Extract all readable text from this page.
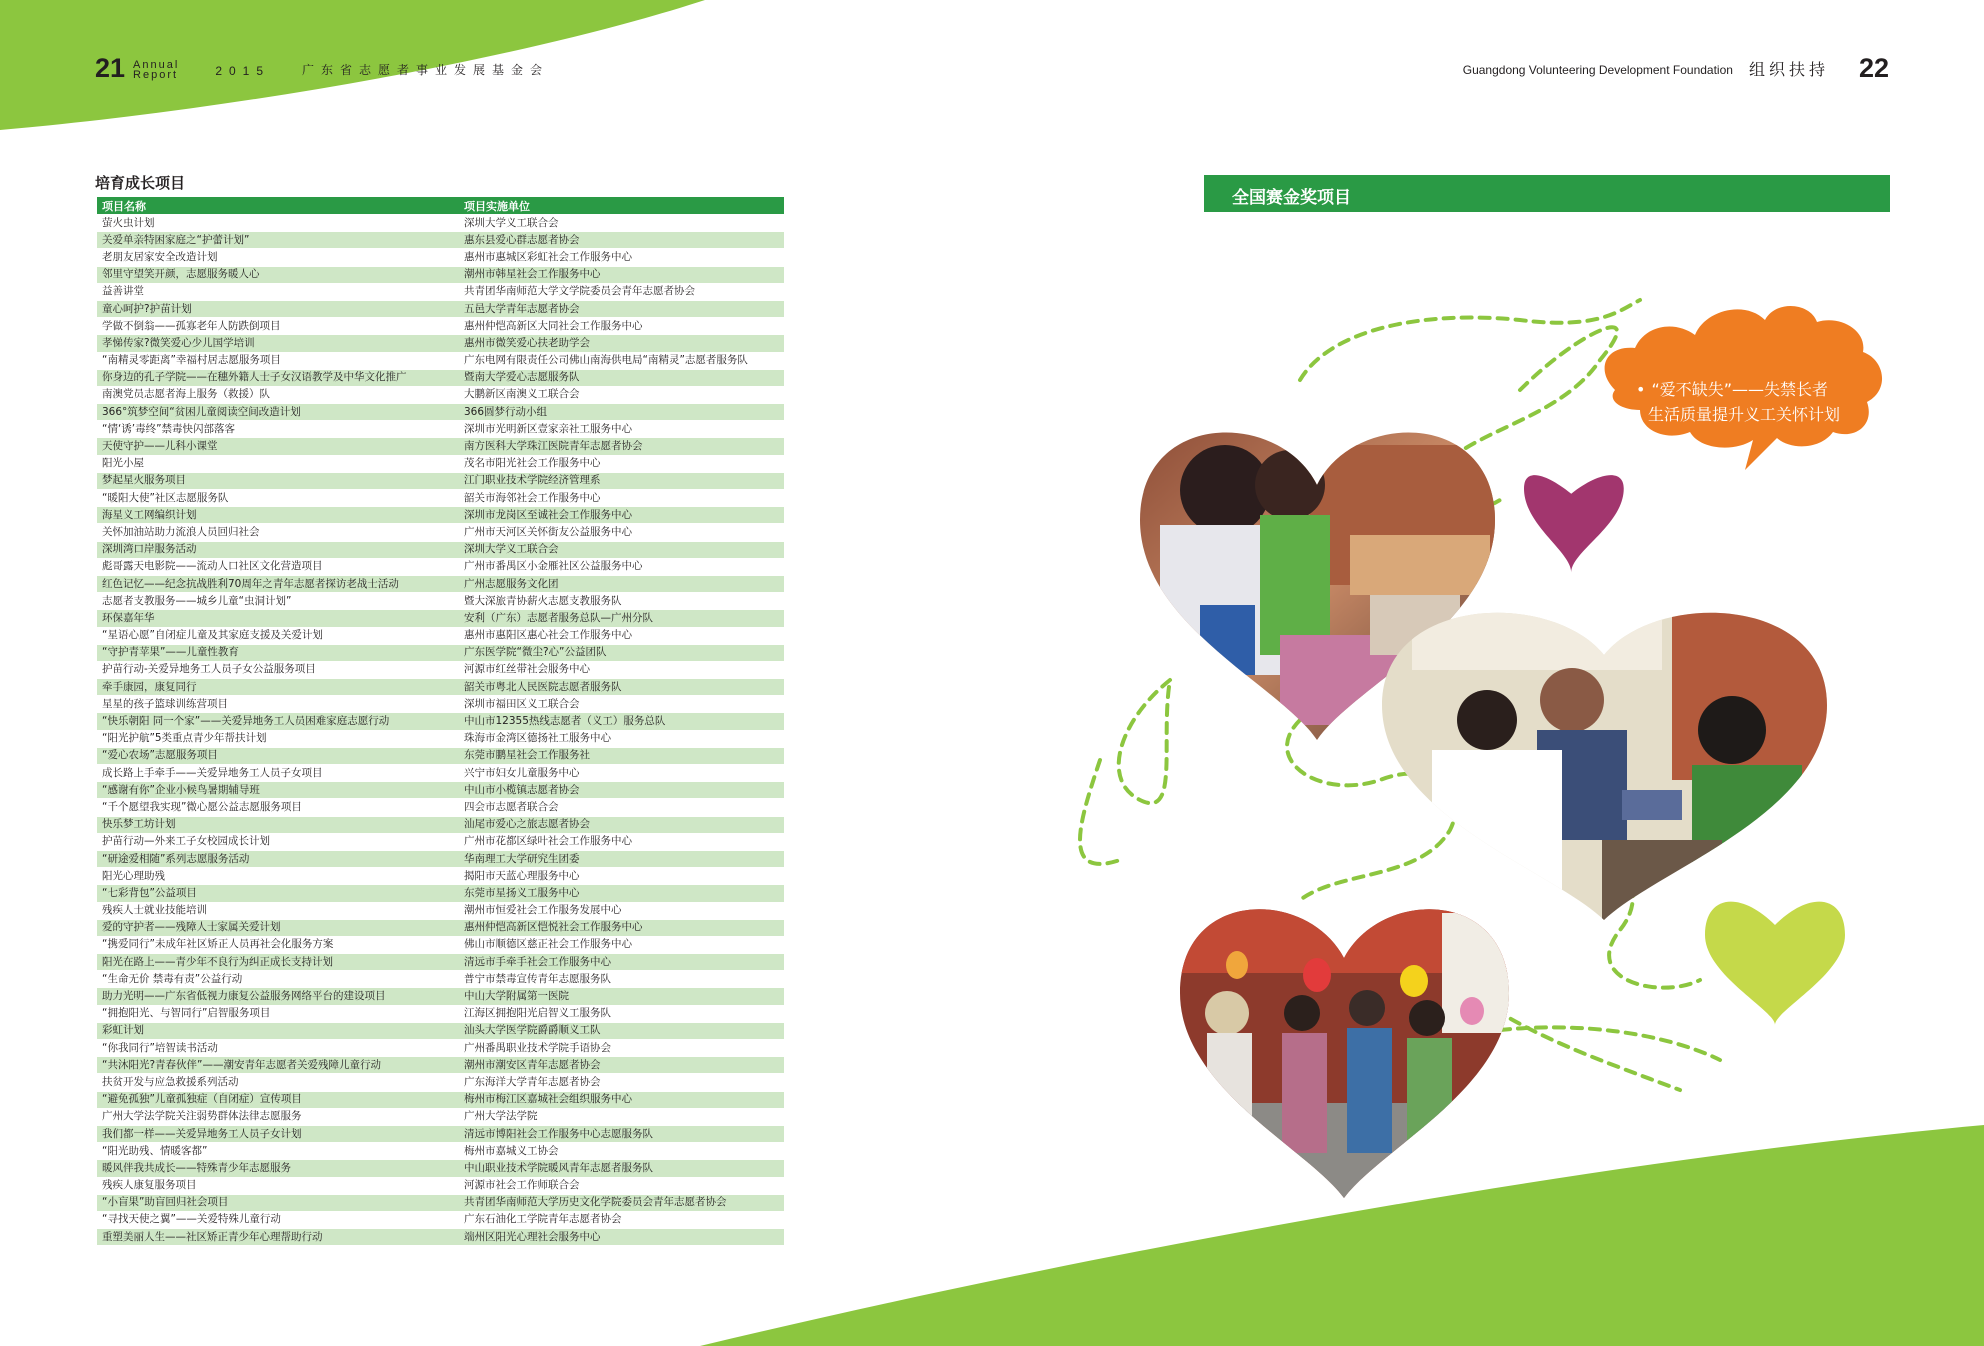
21 Annual
Report	2015	广东省志愿者事业发展基金会	Guangdong Volunteering Development Foundation 组织扶持 22
培育成长项目
项目名称	项目实施单位
萤火虫计划	深圳大学义工联合会
关爱单亲特困家庭之“护蕾计划”	惠东县爱心群志愿者协会
老朋友居家安全改造计划	惠州市惠城区彩虹社会工作服务中心
邻里守望笑开颜，志愿服务暖人心	潮州市韩星社会工作服务中心
益善讲堂	共青团华南师范大学文学院委员会青年志愿者协会
童心呵护?护苗计划	五邑大学青年志愿者协会
学做不倒翁——孤寡老年人防跌倒项目	惠州仲恺高新区大同社会工作服务中心
孝悌传家?微笑爱心少儿国学培训	惠州市微笑爱心扶老助学会
“南精灵零距离”幸福村居志愿服务项目	广东电网有限责任公司佛山南海供电局“南精灵”志愿者服务队
你身边的孔子学院——在穗外籍人士子女汉语教学及中华文化推广	暨南大学爱心志愿服务队
南澳党员志愿者海上服务（救援）队	大鹏新区南澳义工联合会
366°筑梦空间“贫困儿童阅读空间改造计划	366圆梦行动小组
“情‘诱’毒终”禁毒快闪部落客	深圳市光明新区壹家亲社工服务中心
天使守护——儿科小课堂	南方医科大学珠江医院青年志愿者协会
阳光小屋	茂名市阳光社会工作服务中心
梦起星火服务项目	江门职业技术学院经济管理系
“暖阳大使”社区志愿服务队	韶关市海邻社会工作服务中心
海星义工网编织计划	深圳市龙岗区至诚社会工作服务中心
关怀加油站助力流浪人员回归社会	广州市天河区关怀街友公益服务中心
深圳湾口岸服务活动	深圳大学义工联合会
彪哥露天电影院——流动人口社区文化营造项目	广州市番禺区小金雁社区公益服务中心
红色记忆——纪念抗战胜利70周年之青年志愿者探访老战士活动	广州志愿服务文化团
志愿者支教服务——城乡儿童“虫洞计划”	暨大深旅青协薪火志愿支教服务队
环保嘉年华	安利（广东）志愿者服务总队—广州分队
“星语心愿”自闭症儿童及其家庭支援及关爱计划	惠州市惠阳区惠心社会工作服务中心
“守护青苹果”——儿童性教育	广东医学院“微尘?心”公益团队
护苗行动-关爱异地务工人员子女公益服务项目	河源市红丝带社会服务中心
牵手康园，康复同行	韶关市粤北人民医院志愿者服务队
星星的孩子篮球训练营项目	深圳市福田区义工联合会
“快乐朝阳 同一个家”——关爱异地务工人员困难家庭志愿行动	中山市12355热线志愿者（义工）服务总队
“阳光护航”5类重点青少年帮扶计划	珠海市金湾区德扬社工服务中心
“爱心农场”志愿服务项目	东莞市鹏星社会工作服务社
成长路上手牵手——关爱异地务工人员子女项目	兴宁市妇女儿童服务中心
“感谢有你”企业小候鸟暑期辅导班	中山市小榄镇志愿者协会
“千个愿望我实现”微心愿公益志愿服务项目	四会市志愿者联合会
快乐梦工坊计划	汕尾市爱心之旅志愿者协会
护苗行动—外来工子女校园成长计划	广州市花都区绿叶社会工作服务中心
“研途爱相随”系列志愿服务活动	华南理工大学研究生团委
阳光心理助残	揭阳市天蓝心理服务中心
“七彩背包”公益项目	东莞市星扬义工服务中心
残疾人士就业技能培训	潮州市恒爱社会工作服务发展中心
爱的守护者——残障人士家属关爱计划	惠州仲恺高新区恺悦社会工作服务中心
“携爱同行”未成年社区矫正人员再社会化服务方案	佛山市顺德区慈正社会工作服务中心
阳光在路上——青少年不良行为纠正成长支持计划	清远市手牵手社会工作服务中心
“生命无价 禁毒有责”公益行动	普宁市禁毒宣传青年志愿服务队
助力光明——广东省低视力康复公益服务网络平台的建设项目	中山大学附属第一医院
“拥抱阳光、与智同行”启智服务项目	江海区拥抱阳光启智义工服务队
彩虹计划	汕头大学医学院爵爵顺义工队
“你我同行”培智读书活动	广州番禺职业技术学院手语协会
“共沐阳光?青春伙伴”——潮安青年志愿者关爱残障儿童行动	潮州市潮安区青年志愿者协会
扶贫开发与应急救援系列活动	广东海洋大学青年志愿者协会
“避免孤独”儿童孤独症（自闭症）宣传项目	梅州市梅江区嘉城社会组织服务中心
广州大学法学院关注弱势群体法律志愿服务	广州大学法学院
我们都一样——关爱异地务工人员子女计划	清远市博阳社会工作服务中心志愿服务队
“阳光助残、情暖客都”	梅州市嘉城义工协会
暖风伴我共成长——特殊青少年志愿服务	中山职业技术学院暖风青年志愿者服务队
残疾人康复服务项目	河源市社会工作师联合会
“小盲果”助盲回归社会项目	共青团华南师范大学历史文化学院委员会青年志愿者协会
“寻找天使之翼”——关爱特殊儿童行动	广东石油化工学院青年志愿者协会
重塑美丽人生——社区矫正青少年心理帮助行动	端州区阳光心理社会服务中心
全国赛金奖项目
• “爱不缺失”——失禁长者
生活质量提升义工关怀计划
